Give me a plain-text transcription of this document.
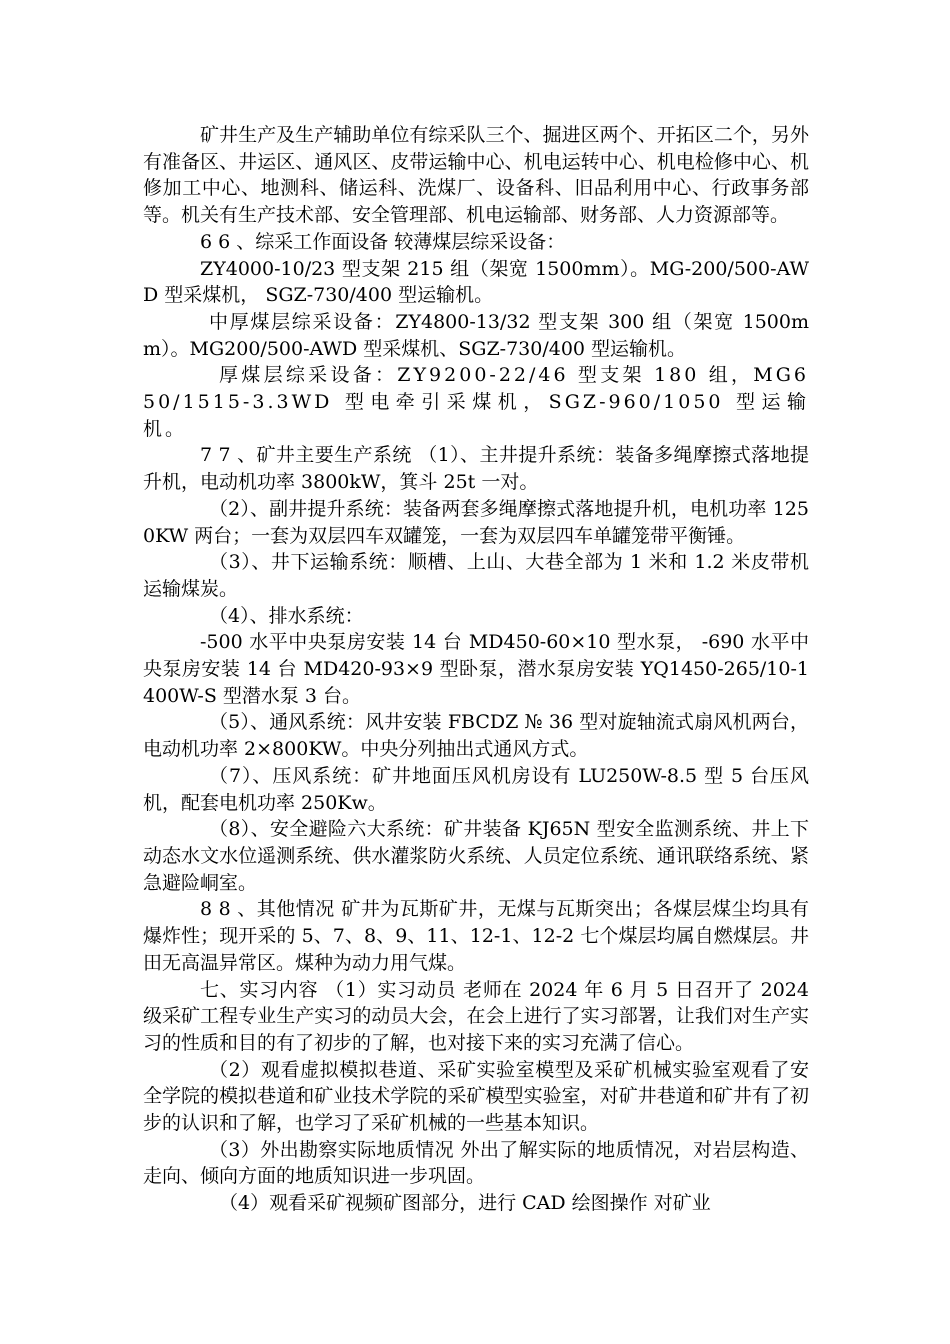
矿井生产及生产辅助单位有综采队三个、掘进区两个、开拓区二个，另外有准备区、井运区、通风区、皮带运输中心、机电运转中心、机电检修中心、机修加工中心、地测科、储运科、洗煤厂、设备科、旧品利用中心、行政事务部等。机关有生产技术部、安全管理部、机电运输部、财务部、人力资源部等。

6 6 、综采工作面设备 较薄煤层综采设备：

ZY4000-10/23 型支架 215 组（架宽 1500mm）。MG-200/500-AWD 型采煤机， SGZ-730/400 型运输机。

中厚煤层综采设备：ZY4800-13/32 型支架 300 组（架宽 1500mm）。MG200/500-AWD 型采煤机、SGZ-730/400 型运输机。

厚煤层综采设备：ZY9200-22/46 型支架 180 组，MG650/1515-3.3WD 型电牵引采煤机，SGZ-960/1050 型运输机。

7 7 、矿井主要生产系统 （1）、主井提升系统：装备多绳摩擦式落地提升机，电动机功率 3800kW，箕斗 25t 一对。

（2）、副井提升系统：装备两套多绳摩擦式落地提升机，电机功率 1250KW 两台；一套为双层四车双罐笼，一套为双层四车单罐笼带平衡锤。

（3）、井下运输系统：顺槽、上山、大巷全部为 1 米和 1.2 米皮带机运输煤炭。

（4）、排水系统：

-500 水平中央泵房安装 14 台 MD450-60×10 型水泵， -690 水平中央泵房安装 14 台 MD420-93×9 型卧泵，潜水泵房安装 YQ1450-265/10-1400W-S 型潜水泵 3 台。

（5）、通风系统：风井安装 FBCDZ № 36 型对旋轴流式扇风机两台，电动机功率 2×800KW。中央分列抽出式通风方式。

（7）、压风系统：矿井地面压风机房设有 LU250W-8.5 型 5 台压风机，配套电机功率 250Kw。

（8）、安全避险六大系统：矿井装备 KJ65N 型安全监测系统、井上下动态水文水位遥测系统、供水灌浆防火系统、人员定位系统、通讯联络系统、紧急避险峒室。

8 8 、其他情况 矿井为瓦斯矿井，无煤与瓦斯突出；各煤层煤尘均具有爆炸性；现开采的 5、7、8、9、11、12-1、12-2 七个煤层均属自燃煤层。井田无高温异常区。煤种为动力用气煤。

七、实习内容 （1）实习动员 老师在 2024 年 6 月 5 日召开了 2024 级采矿工程专业生产实习的动员大会，在会上进行了实习部署，让我们对生产实习的性质和目的有了初步的了解，也对接下来的实习充满了信心。

（2）观看虚拟模拟巷道、采矿实验室模型及采矿机械实验室观看了安全学院的模拟巷道和矿业技术学院的采矿模型实验室，对矿井巷道和矿井有了初步的认识和了解，也学习了采矿机械的一些基本知识。

（3）外出勘察实际地质情况 外出了解实际的地质情况，对岩层构造、走向、倾向方面的地质知识进一步巩固。

（4）观看采矿视频矿图部分，进行 CAD 绘图操作 对矿业
